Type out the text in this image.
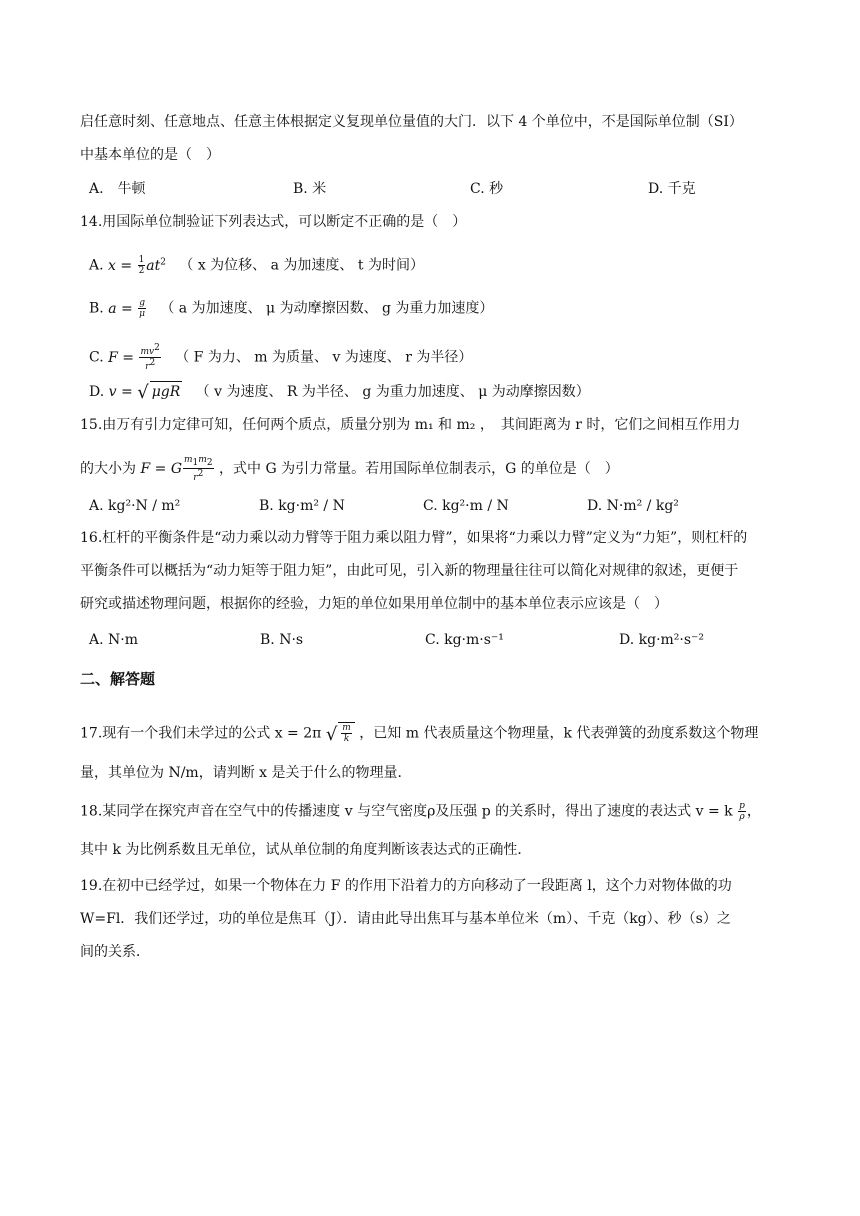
启任意时刻、任意地点、任意主体根据定义复现单位量值的大门．以下 4 个单位中，不是国际单位制（SI）
中基本单位的是（　）
A.　牛顿	B. 米	C. 秒	D. 千克
14.用国际单位制验证下列表达式，可以断定不正确的是（　）
A. $x = \frac{1}{2} at^2$ （ x 为位移、 a 为加速度、 t 为时间）
B. $a = \frac{g}{\mu}$ （ a 为加速度、 μ 为动摩擦因数、 g 为重力加速度）
C. $F = \frac{mv^2}{r^2}$ （ F 为力、 m 为质量、 v 为速度、 r 为半径）
D. v = √ μgR （ v 为速度、 R 为半径、 g 为重力加速度、 μ 为动摩擦因数）
15.由万有引力定律可知，任何两个质点，质量分别为 m₁ 和 m₂ ，　其间距离为 r 时，它们之间相互作用力
的大小为 F = G $\frac{m_1m_2}{r^2}$ ，式中 G 为引力常量。若用国际单位制表示，G 的单位是（　）
A. kg²·N / m²	B. kg·m² / N	C. kg²·m / N	D. N·m² / kg²
16.杠杆的平衡条件是“动力乘以动力臂等于阻力乘以阻力臂”，如果将“力乘以力臂”定义为“力矩”，则杠杆的
平衡条件可以概括为“动力矩等于阻力矩”，由此可见，引入新的物理量往往可以简化对规律的叙述，更便于
研究或描述物理问题，根据你的经验，力矩的单位如果用单位制中的基本单位表示应该是（　）
A. N·m	B. N·s	C. kg·m·s⁻¹	D. kg·m²·s⁻²
二、解答题
17.现有一个我们未学过的公式 x = 2π √ $\frac{m}{k}$ ，已知 m 代表质量这个物理量，k 代表弹簧的劲度系数这个物理
量，其单位为 N/m，请判断 x 是关于什么的物理量．
18.某同学在探究声音在空气中的传播速度 v 与空气密度ρ及压强 p 的关系时，得出了速度的表达式 v = k $\frac{p}{\rho}$ ，
其中 k 为比例系数且无单位，试从单位制的角度判断该表达式的正确性．
19.在初中已经学过，如果一个物体在力 F 的作用下沿着力的方向移动了一段距离 l，这个力对物体做的功
W=Fl．我们还学过，功的单位是焦耳（J）．请由此导出焦耳与基本单位米（m）、千克（kg）、秒（s）之
间的关系．
